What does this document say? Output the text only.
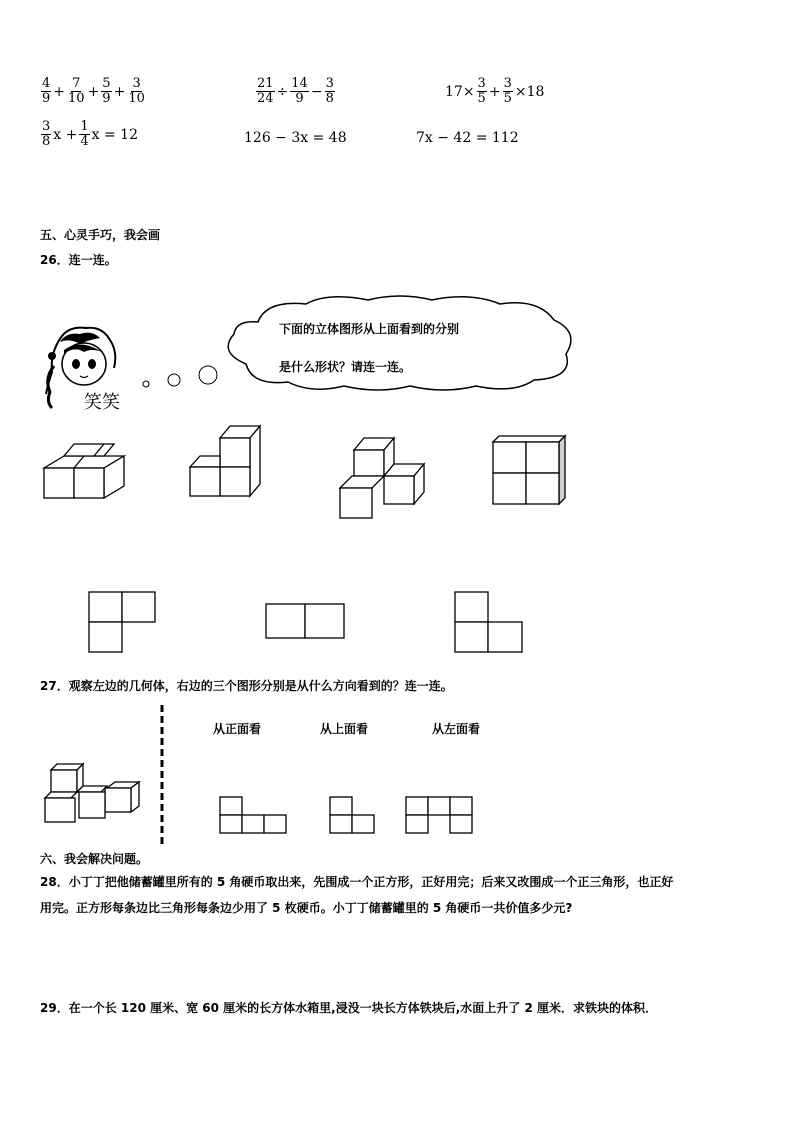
$\frac{4}{9} + \frac{7}{10} + \frac{5}{9} + \frac{3}{10}$	$\frac{21}{24} \div \frac{14}{9} - \frac{3}{8}$	$17\times \frac{3}{5} + \frac{3}{5} \times 18$
$\frac{3}{8}$ $x + \frac{1}{4}$ x = 12	126 − 3x = 48	7x − 42 = 112
五、心灵手巧，我会画
26．连一连。
笑笑
下面的立体图形从上面看到的分别
是什么形状？请连一连。
27．观察左边的几何体，右边的三个图形分别是从什么方向看到的？连一连。
从正面看	从上面看	从左面看
六、我会解决问题。
28．小丁丁把他储蓄罐里所有的 5 角硬币取出来，先围成一个正方形，正好用完；后来又改围成一个正三角形，也正好
用完。正方形每条边比三角形每条边少用了 5 枚硬币。小丁丁储蓄罐里的 5 角硬币一共价值多少元?
29．在一个长 120 厘米、宽 60 厘米的长方体水箱里,浸没一块长方体铁块后,水面上升了 2 厘米．求铁块的体积．
